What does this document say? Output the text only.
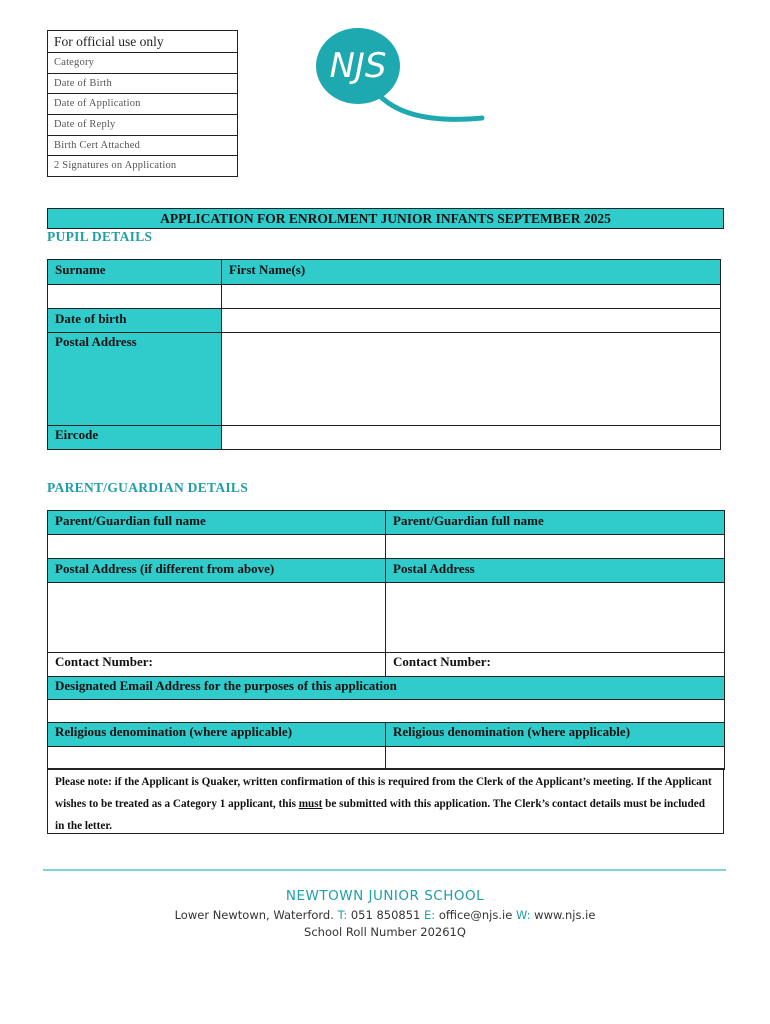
For official use only
Category
Date of Birth
Date of Application
Date of Reply
Birth Cert Attached
2 Signatures on Application
NJS
APPLICATION FOR ENROLMENT JUNIOR INFANTS SEPTEMBER 2025
PUPIL DETAILS
Surname	First Name(s)

Date of birth	
Postal Address	
Eircode	
PARENT/GUARDIAN DETAILS
Parent/Guardian full name	Parent/Guardian full name

Postal Address (if different from above)	Postal Address

Contact Number:	Contact Number:
Designated Email Address for the purposes of this application	

Religious denomination (where applicable)	Religious denomination (where applicable)

Please note: if the Applicant is Quaker, written confirmation of this is required from the Clerk of the Applicant’s meeting. If the Applicant wishes to be treated as a Category 1 applicant, this must be submitted with this application. The Clerk’s contact details must be included in the letter.
NEWTOWN JUNIOR SCHOOL
Lower Newtown, Waterford. T: 051 850851 E: office@njs.ie W: www.njs.ie
School Roll Number 20261Q
